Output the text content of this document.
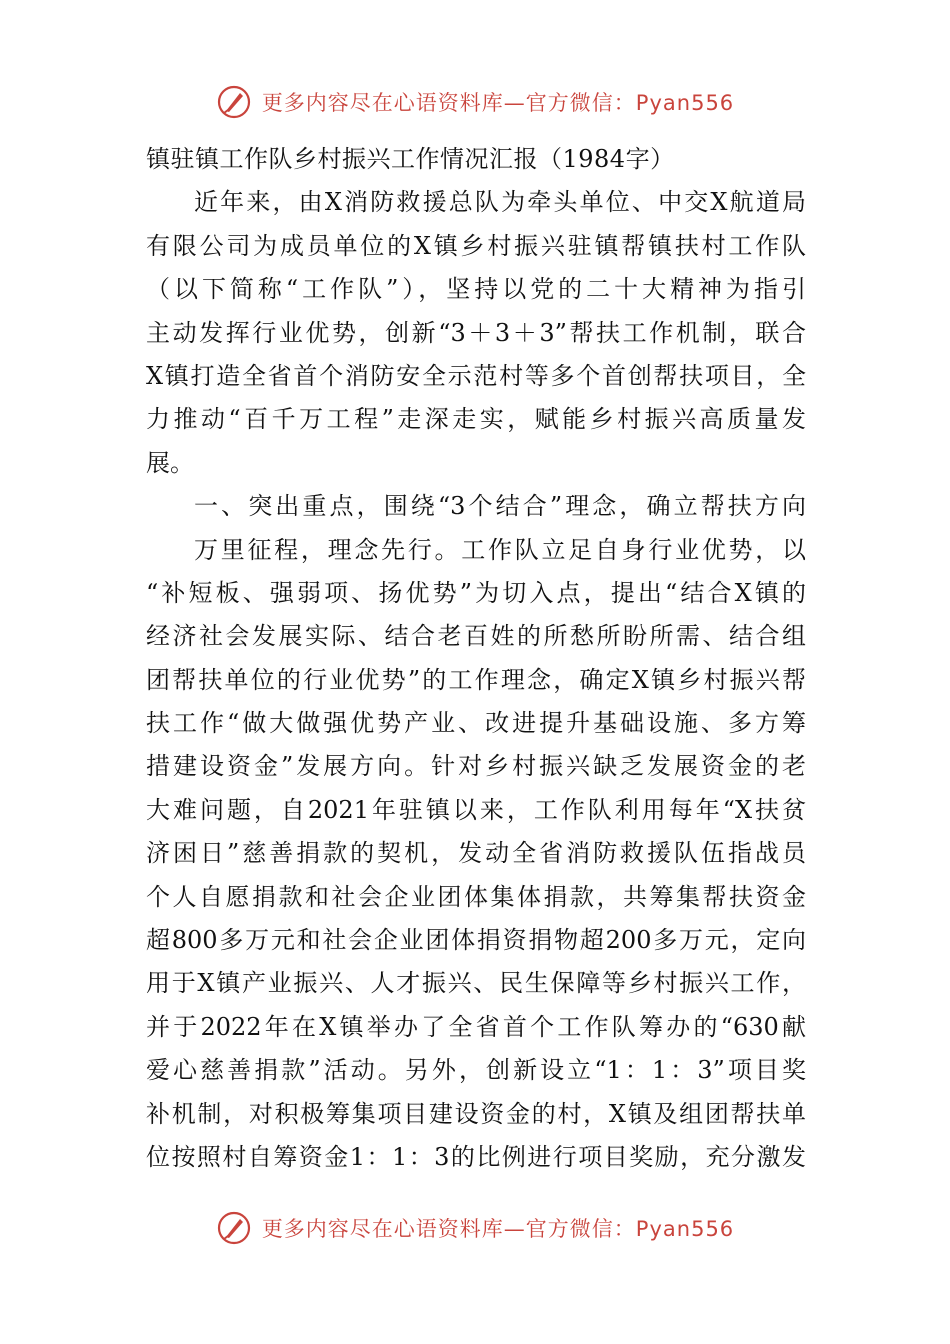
更多内容尽在心语资料库—官方微信：Pyan556
镇驻镇工作队乡村振兴工作情况汇报（1984字）
近年来，由X消防救援总队为牵头单位、中交X航道局
有限公司为成员单位的X镇乡村振兴驻镇帮镇扶村工作队
（以下简称“工作队”），坚持以党的二十大精神为指引
主动发挥行业优势，创新“3＋3＋3”帮扶工作机制，联合
X镇打造全省首个消防安全示范村等多个首创帮扶项目，全
力推动“百千万工程”走深走实，赋能乡村振兴高质量发
展。
一、突出重点，围绕“3个结合”理念，确立帮扶方向
万里征程，理念先行。工作队立足自身行业优势，以
“补短板、强弱项、扬优势”为切入点，提出“结合X镇的
经济社会发展实际、结合老百姓的所愁所盼所需、结合组
团帮扶单位的行业优势”的工作理念，确定X镇乡村振兴帮
扶工作“做大做强优势产业、改进提升基础设施、多方筹
措建设资金”发展方向。针对乡村振兴缺乏发展资金的老
大难问题，自2021年驻镇以来，工作队利用每年“X扶贫
济困日”慈善捐款的契机，发动全省消防救援队伍指战员
个人自愿捐款和社会企业团体集体捐款，共筹集帮扶资金
超800多万元和社会企业团体捐资捐物超200多万元，定向
用于X镇产业振兴、人才振兴、民生保障等乡村振兴工作，
并于2022年在X镇举办了全省首个工作队筹办的“630献
爱心慈善捐款”活动。另外，创新设立“1：1：3”项目奖
补机制，对积极筹集项目建设资金的村，X镇及组团帮扶单
位按照村自筹资金1：1：3的比例进行项目奖励，充分激发
更多内容尽在心语资料库—官方微信：Pyan556
